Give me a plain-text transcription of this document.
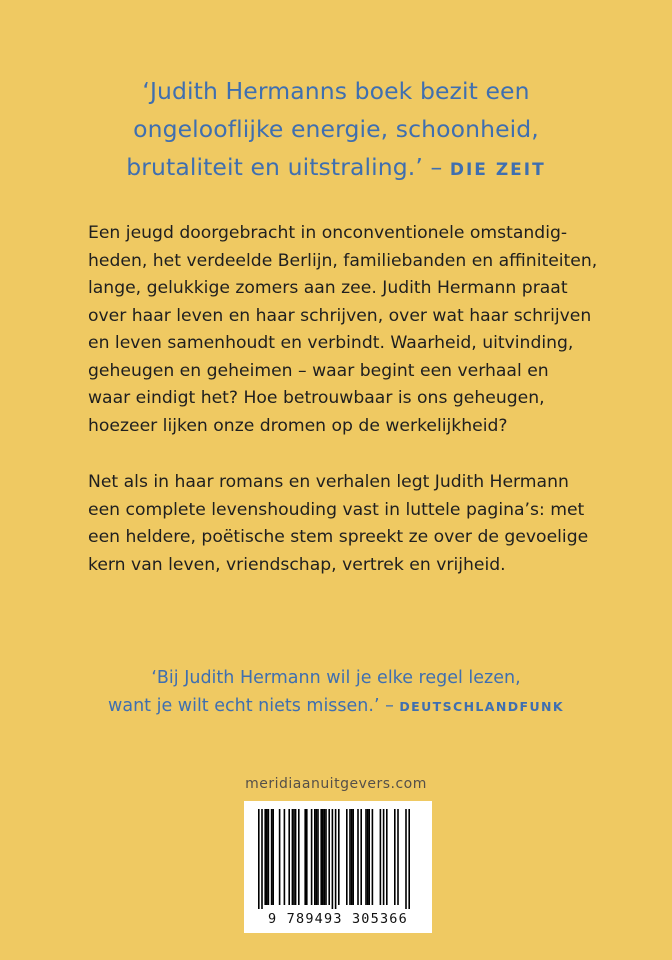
‘Judith Hermanns boek bezit een
ongelooflijke energie, schoonheid,
brutaliteit en uitstraling.’ – DIE ZEIT
Een jeugd doorgebracht in onconventionele omstandig-
heden, het verdeelde Berlijn, familiebanden en affiniteiten,
lange, gelukkige zomers aan zee. Judith Hermann praat
over haar leven en haar schrijven, over wat haar schrijven
en leven samenhoudt en verbindt. Waarheid, uitvinding,
geheugen en geheimen – waar begint een verhaal en
waar eindigt het? Hoe betrouwbaar is ons geheugen,
hoezeer lijken onze dromen op de werkelijkheid?
Net als in haar romans en verhalen legt Judith Hermann
een complete levenshouding vast in luttele pagina’s: met
een heldere, poëtische stem spreekt ze over de gevoelige
kern van leven, vriendschap, vertrek en vrijheid.
‘Bij Judith Hermann wil je elke regel lezen,
want je wilt echt niets missen.’ – DEUTSCHLANDFUNK
meridiaanuitgevers.com
9 789493 305366
